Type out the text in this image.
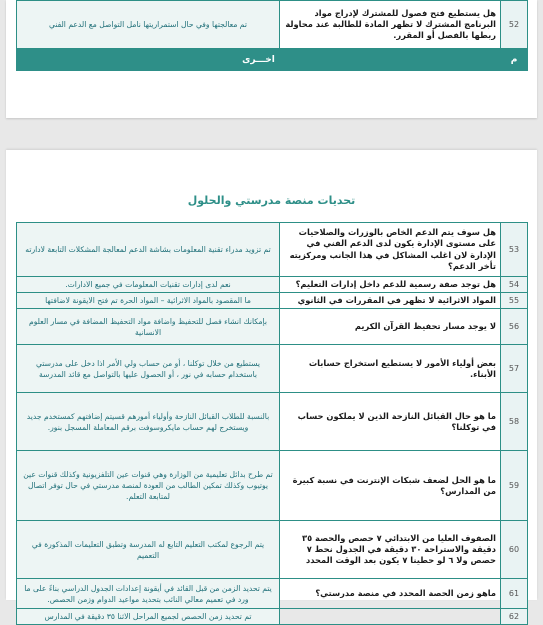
52	هل يستطيع فتح فصول للمشترك لإدراج مواد البرنامج المشترك لا تظهر المادة للطالبة عند محاولة ربطها بالفصل أو المقرر.	تم معالجتها وفي حال استمراريتها نامل التواصل مع الدعم الفني
م	اخـــرى
تحديات منصة مدرستي والحلول
53	هل سوف يتم الدعم الخاص بالوزرات والصلاحيات على مستوى الإدارة يكون لدى الدعم الفني في الإدارة لان اغلب المشاكل في هذا الجانب ومركزيته تأخر الدعم؟	تم تزويد مدراء تقنية المعلومات بشاشة الدعم لمعالجة المشكلات التابعة لادارته
54	هل توجد صفة رسمية للدعم داخل إدارات التعليم؟	نعم لدى إدارات تقنيات المعلومات في جميع الادارات.
55	المواد الاثرائية لا تظهر في المقررات في الثانوي	ما المقصود بالمواد الاثرائية – المواد الحرة تم فتح الايقونة لاضافتها
56	لا يوجد مسار تحفيظ القرآن الكريم	بإمكانك انشاء فصل للتحفيظ واضافة مواد التحفيظ المضافة في مسار العلوم الانسانية
57	بعض أولياء الأمور لا يستطيع استخراج حسابات الأبناء.	يستطيع من خلال توكلنا ، أو من حساب ولي الأمر اذا دخل على مدرستي باستخدام حسابه في نور ، أو الحصول عليها بالتواصل مع قائد المدرسة
58	ما هو حال القبائل النازحة الذين لا يملكون حساب في توكلنا؟	بالنسبة للطلاب القبائل النازحة وأولياء أمورهم قسيتم إضافتهم كمستخدم جديد ويستخرج لهم حساب مايكروسوفت برقم المعاملة المسجل بنور.
59	ما هو الحل لضعف شبكات الإنترنت في نسبة كبيرة من المدارس؟	تم طرح بدائل تعليمية من الوزارة وهي قنوات عين التلفزيونية وكذلك قنوات عين يوتيوب وكذلك تمكين الطالب من العودة لمنصة مدرستي في حال توفر اتصال لمتابعة التعلم.
60	الصفوف العليا من الابتدائي ٧ حصص والحصة ٣٥ دقيقة والاستراحة ٣٠ دقيقة في الجدول نحط ٧ حصص ولا ٦ لو حطينا ٧ يكون بعد الوقت المحدد	يتم الرجوع لمكتب التعليم التابع له المدرسة وتطبق التعليمات المذكورة في التعميم
61	ماهو زمن الحصة المحدد في منصة مدرستي؟	يتم تحديد الزمن من قبل القائد في أيقونة إعدادات الجدول الدراسي بناءً على ما ورد في تعميم معالي النائب بتحديد مواعيد الدوام وزمن الحصص.
62		تم تحديد زمن الحصص لجميع المراحل الاثنا ٣٥ دقيقة في المدارس
